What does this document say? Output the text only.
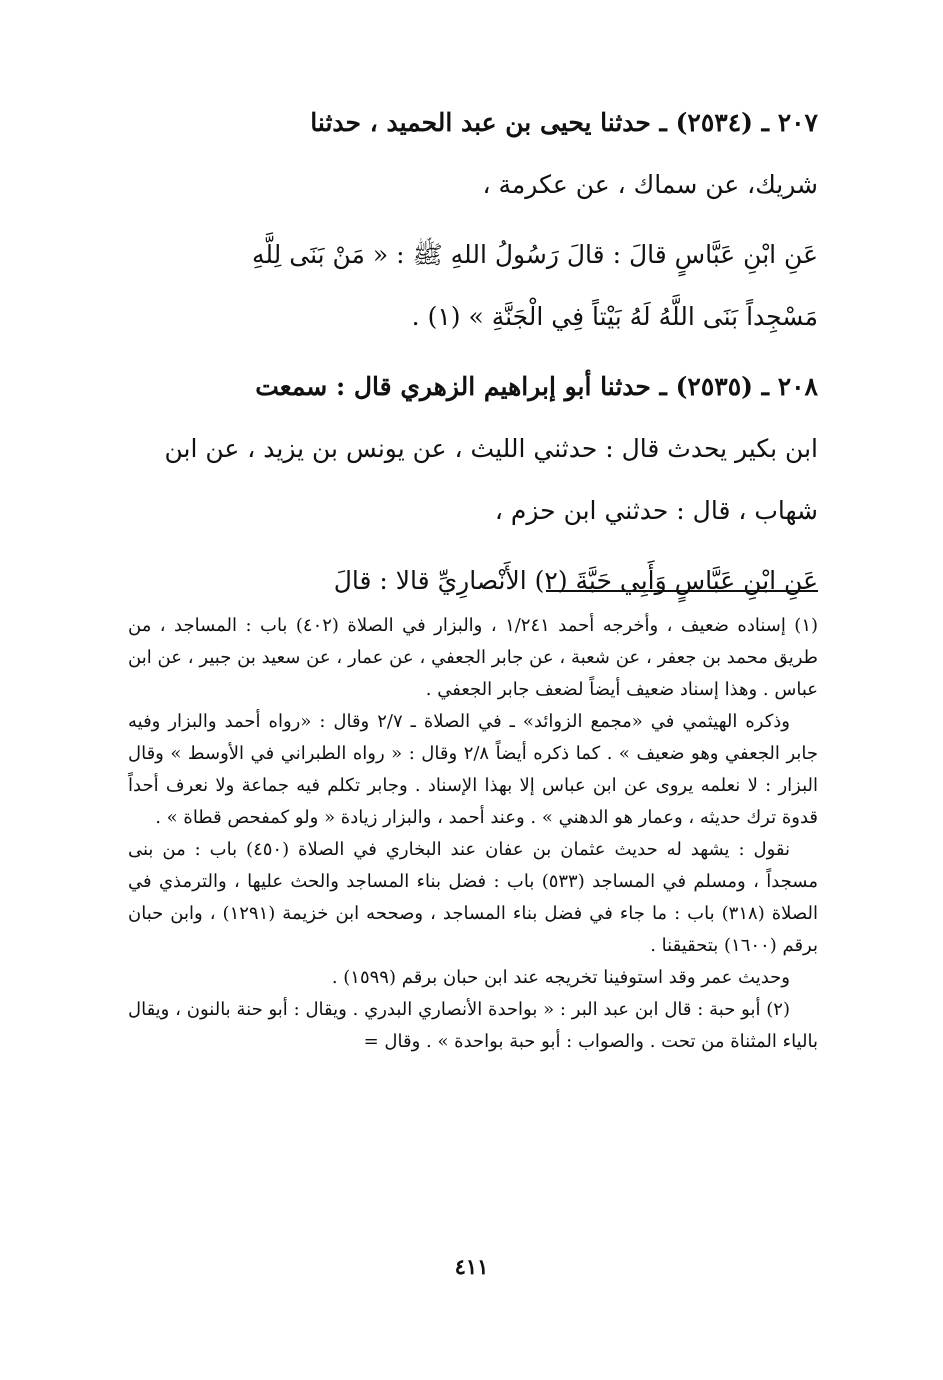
٢٠٧ ـ (٢٥٣٤) ـ حدثنا يحيى بن عبد الحميد ، حدثنا

شريك، عن سماك ، عن عكرمة ،

عَنِ ابْنِ عَبَّاسٍ قالَ : قالَ رَسُولُ اللهِ ﷺ : « مَنْ بَنَى لِلَّهِ

مَسْجِداً بَنَى اللَّهُ لَهُ بَيْتاً فِي الْجَنَّةِ » (١) .

٢٠٨ ـ (٢٥٣٥) ـ حدثنا أبو إبراهيم الزهري قال : سمعت

ابن بكير يحدث قال : حدثني الليث ، عن يونس بن يزيد ، عن ابن

شهاب ، قال : حدثني ابن حزم ،

عَنِ ابْنِ عَبَّاسٍ وَأَبِي حَبَّةَ (٢) الأَنْصارِيِّ قالا : قالَ

(١) إسناده ضعيف ، وأخرجه أحمد ١/٢٤١ ، والبزار في الصلاة (٤٠٢) باب : المساجد ، من طريق محمد بن جعفر ، عن شعبة ، عن جابر الجعفي ، عن عمار ، عن سعيد بن جبير ، عن ابن عباس . وهذا إسناد ضعيف أيضاً لضعف جابر الجعفي .

وذكره الهيثمي في «مجمع الزوائد» ـ في الصلاة ـ ٢/٧ وقال : «رواه أحمد والبزار وفيه جابر الجعفي وهو ضعيف » . كما ذكره أيضاً ٢/٨ وقال : « رواه الطبراني في الأوسط » وقال البزار : لا نعلمه يروى عن ابن عباس إلا بهذا الإسناد . وجابر تكلم فيه جماعة ولا نعرف أحداً قدوة ترك حديثه ، وعمار هو الدهني » . وعند أحمد ، والبزار زيادة « ولو كمفحص قطاة » .

نقول : يشهد له حديث عثمان بن عفان عند البخاري في الصلاة (٤٥٠) باب : من بنى مسجداً ، ومسلم في المساجد (٥٣٣) باب : فضل بناء المساجد والحث عليها ، والترمذي في الصلاة (٣١٨) باب : ما جاء في فضل بناء المساجد ، وصححه ابن خزيمة (١٢٩١) ، وابن حبان برقم (١٦٠٠) بتحقيقنا .

وحديث عمر وقد استوفينا تخريجه عند ابن حبان برقم (١٥٩٩) .

(٢) أبو حبة : قال ابن عبد البر : « بواحدة الأنصاري البدري . ويقال : أبو حنة بالنون ، ويقال بالياء المثناة من تحت . والصواب : أبو حبة بواحدة » . وقال =

٤١١
